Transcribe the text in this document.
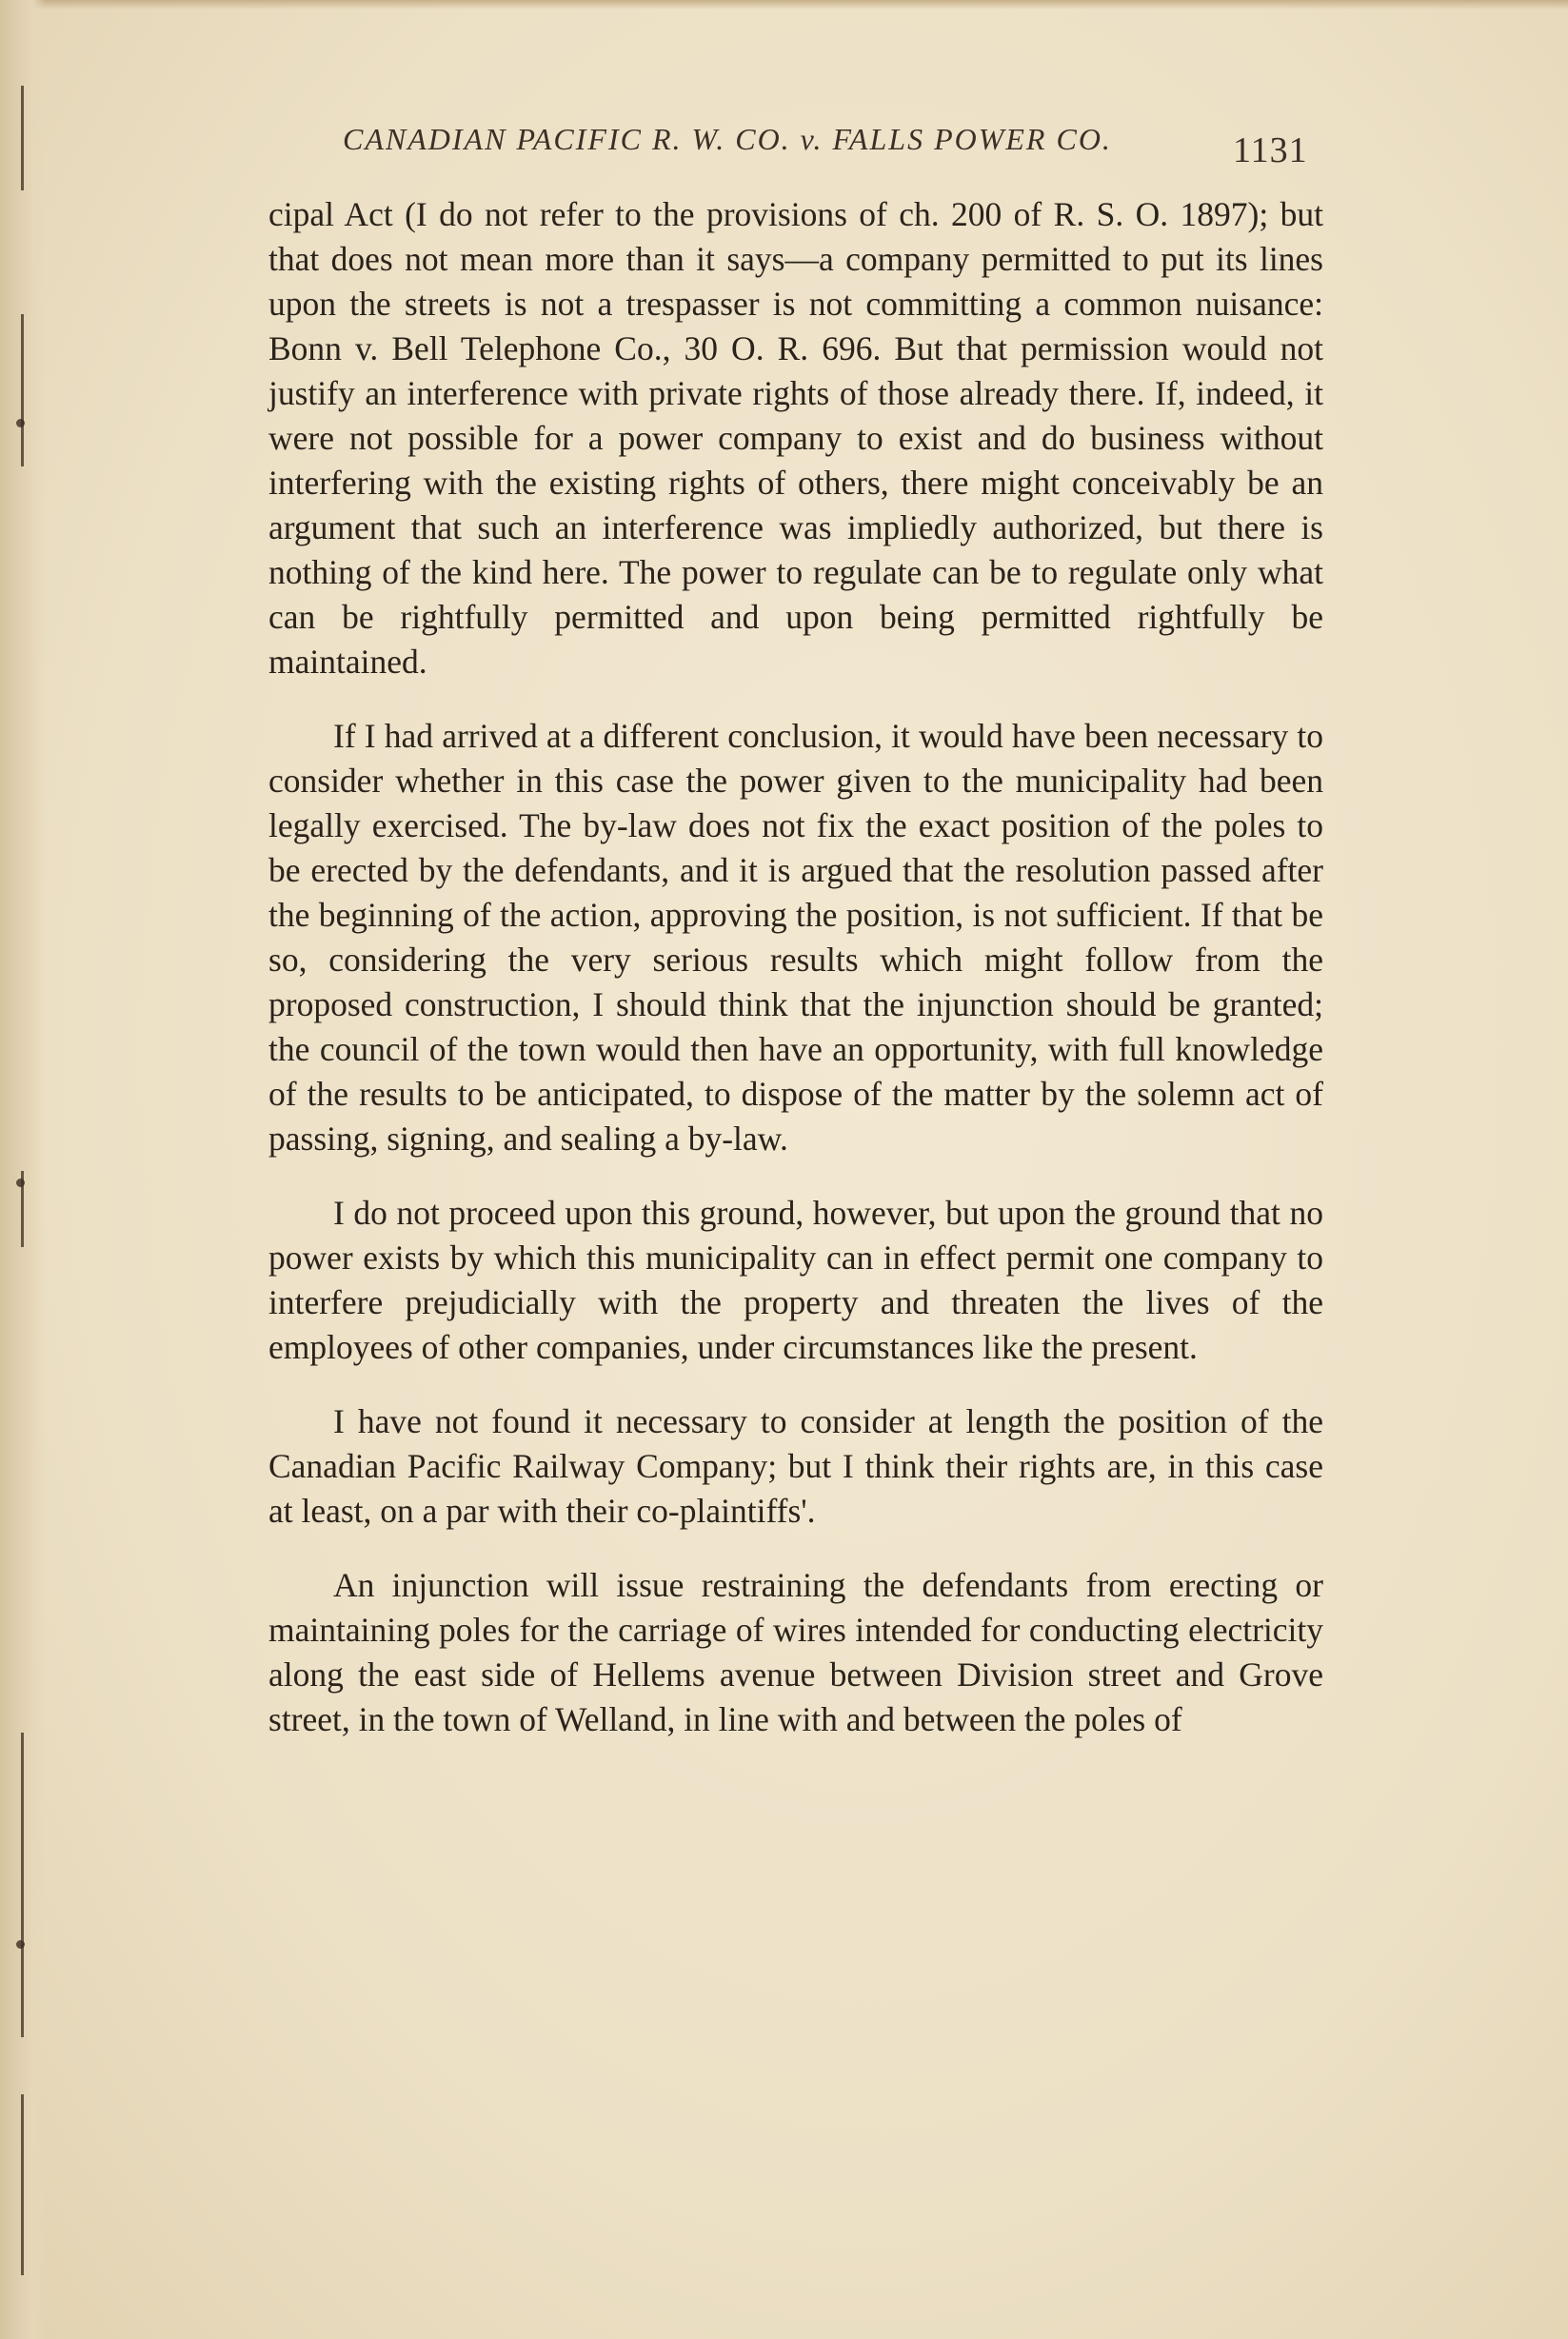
CANADIAN PACIFIC R. W. CO. v. FALLS POWER CO.	1131

cipal Act (I do not refer to the provisions of ch. 200 of R. S. O. 1897); but that does not mean more than it says—a company permitted to put its lines upon the streets is not a trespasser is not committing a common nuisance: Bonn v. Bell Telephone Co., 30 O. R. 696. But that permission would not justify an interference with private rights of those already there. If, indeed, it were not possible for a power company to exist and do business without interfering with the existing rights of others, there might conceivably be an argument that such an interference was impliedly authorized, but there is nothing of the kind here. The power to regulate can be to regulate only what can be rightfully permitted and upon being permitted rightfully be maintained.

If I had arrived at a different conclusion, it would have been necessary to consider whether in this case the power given to the municipality had been legally exercised. The by-law does not fix the exact position of the poles to be erected by the defendants, and it is argued that the resolution passed after the beginning of the action, approving the position, is not sufficient. If that be so, considering the very serious results which might follow from the proposed construction, I should think that the injunction should be granted; the council of the town would then have an opportunity, with full knowledge of the results to be anticipated, to dispose of the matter by the solemn act of passing, signing, and sealing a by-law.

I do not proceed upon this ground, however, but upon the ground that no power exists by which this municipality can in effect permit one company to interfere prejudicially with the property and threaten the lives of the employees of other companies, under circumstances like the present.

I have not found it necessary to consider at length the position of the Canadian Pacific Railway Company; but I think their rights are, in this case at least, on a par with their co-plaintiffs'.

An injunction will issue restraining the defendants from erecting or maintaining poles for the carriage of wires intended for conducting electricity along the east side of Hellems avenue between Division street and Grove street, in the town of Welland, in line with and between the poles of
